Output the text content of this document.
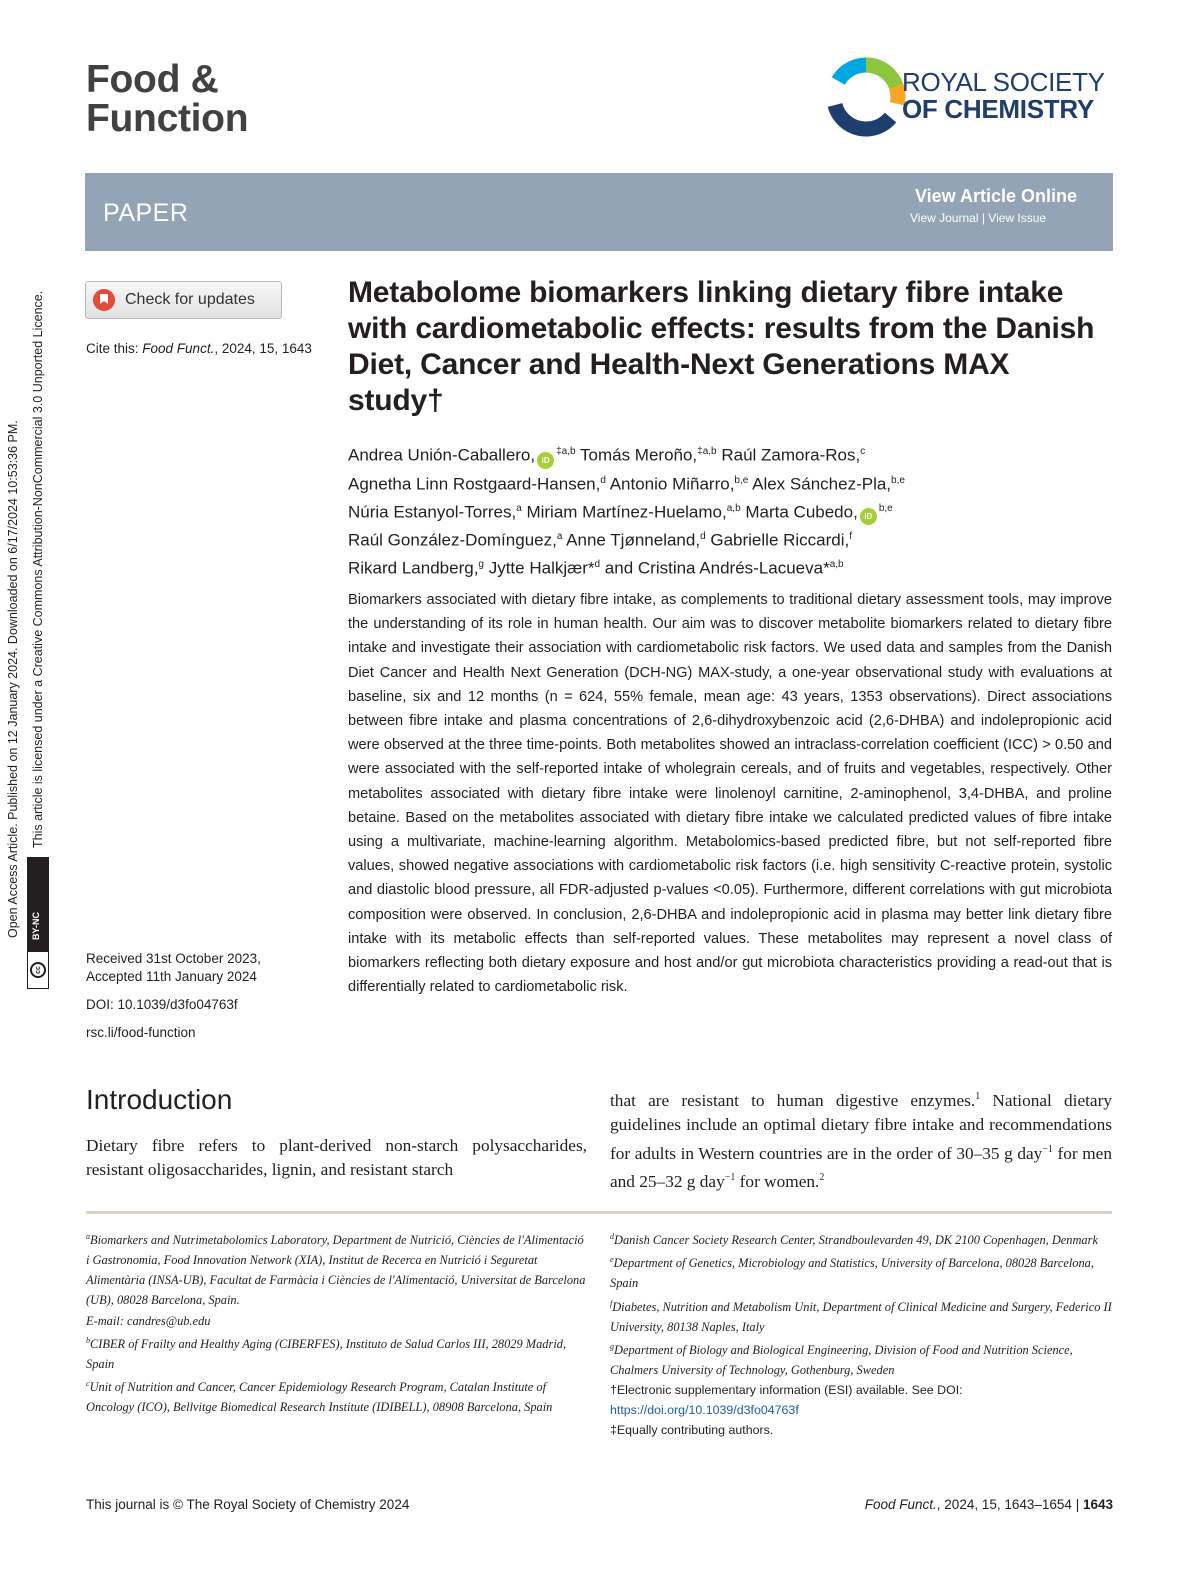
Open Access Article. Published on 12 January 2024. Downloaded on 6/17/2024 10:53:36 PM. This article is licensed under a Creative Commons Attribution-NonCommercial 3.0 Unported Licence.
cc
BY-NC
Food &
Function
ROYAL SOCIETY
OF CHEMISTRY
PAPER
View Article Online
View Journal | View Issue
Check for updates
Cite this: Food Funct., 2024, 15, 1643
Metabolome biomarkers linking dietary fibre intake with cardiometabolic effects: results from the Danish Diet, Cancer and Health-Next Generations MAX study†
Andrea Unión-Caballero, iD$^{\ddagger a,b}$ Tomás Meroño,$^{\ddagger a,b}$ Raúl Zamora-Ros,$^c$
Agnetha Linn Rostgaard-Hansen,$^d$ Antonio Miñarro,$^{b,e}$ Alex Sánchez-Pla,$^{b,e}$
Núria Estanyol-Torres,$^a$ Miriam Martínez-Huelamo,$^{a,b}$ Marta Cubedo, iD$^{b,e}$
Raúl González-Domínguez,$^a$ Anne Tjønneland,$^d$ Gabrielle Riccardi,$^f$
Rikard Landberg,$^g$ Jytte Halkjær*$^d$ and Cristina Andrés-Lacueva*$^{a,b}$
Biomarkers associated with dietary fibre intake, as complements to traditional dietary assessment tools, may improve the understanding of its role in human health. Our aim was to discover metabolite biomarkers related to dietary fibre intake and investigate their association with cardiometabolic risk factors. We used data and samples from the Danish Diet Cancer and Health Next Generation (DCH-NG) MAX-study, a one-year observational study with evaluations at baseline, six and 12 months (n = 624, 55% female, mean age: 43 years, 1353 observations). Direct associations between fibre intake and plasma concentrations of 2,6-dihydroxybenzoic acid (2,6-DHBA) and indolepropionic acid were observed at the three time-points. Both metabolites showed an intraclass-correlation coefficient (ICC) > 0.50 and were associated with the self-reported intake of wholegrain cereals, and of fruits and vegetables, respectively. Other metabolites associated with dietary fibre intake were linolenoyl carnitine, 2-aminophenol, 3,4-DHBA, and proline betaine. Based on the metabolites associated with dietary fibre intake we calculated predicted values of fibre intake using a multivariate, machine-learning algorithm. Metabolomics-based predicted fibre, but not self-reported fibre values, showed negative associations with cardiometabolic risk factors (i.e. high sensitivity C-reactive protein, systolic and diastolic blood pressure, all FDR-adjusted p-values <0.05). Furthermore, different correlations with gut microbiota composition were observed. In conclusion, 2,6-DHBA and indolepropionic acid in plasma may better link dietary fibre intake with its metabolic effects than self-reported values. These metabolites may represent a novel class of biomarkers reflecting both dietary exposure and host and/or gut microbiota characteristics providing a read-out that is differentially related to cardiometabolic risk.
Received 31st October 2023,
Accepted 11th January 2024
DOI: 10.1039/d3fo04763f
rsc.li/food-function
Introduction
Dietary fibre refers to plant-derived non-starch polysaccharides, resistant oligosaccharides, lignin, and resistant starch
that are resistant to human digestive enzymes.$^1$ National dietary guidelines include an optimal dietary fibre intake and recommendations for adults in Western countries are in the order of 30–35 g day$^{-1}$ for men and 25–32 g day$^{-1}$ for women.$^2$
$^a$Biomarkers and Nutrimetabolomics Laboratory, Department de Nutrició, Ciències de l'Alimentació i Gastronomia, Food Innovation Network (XIA), Institut de Recerca en Nutrició i Seguretat Alimentària (INSA-UB), Facultat de Farmàcia i Ciències de l'Alimentació, Universitat de Barcelona (UB), 08028 Barcelona, Spain.
E-mail: candres@ub.edu
$^b$CIBER of Frailty and Healthy Aging (CIBERFES), Instituto de Salud Carlos III, 28029 Madrid, Spain
$^c$Unit of Nutrition and Cancer, Cancer Epidemiology Research Program, Catalan Institute of Oncology (ICO), Bellvitge Biomedical Research Institute (IDIBELL), 08908 Barcelona, Spain
$^d$Danish Cancer Society Research Center, Strandboulevarden 49, DK 2100 Copenhagen, Denmark
$^e$Department of Genetics, Microbiology and Statistics, University of Barcelona, 08028 Barcelona, Spain
$^f$Diabetes, Nutrition and Metabolism Unit, Department of Clinical Medicine and Surgery, Federico II University, 80138 Naples, Italy
$^g$Department of Biology and Biological Engineering, Division of Food and Nutrition Science, Chalmers University of Technology, Gothenburg, Sweden
†Electronic supplementary information (ESI) available. See DOI: https://doi.org/10.1039/d3fo04763f
‡Equally contributing authors.
This journal is © The Royal Society of Chemistry 2024	Food Funct., 2024, 15, 1643–1654 | 1643
